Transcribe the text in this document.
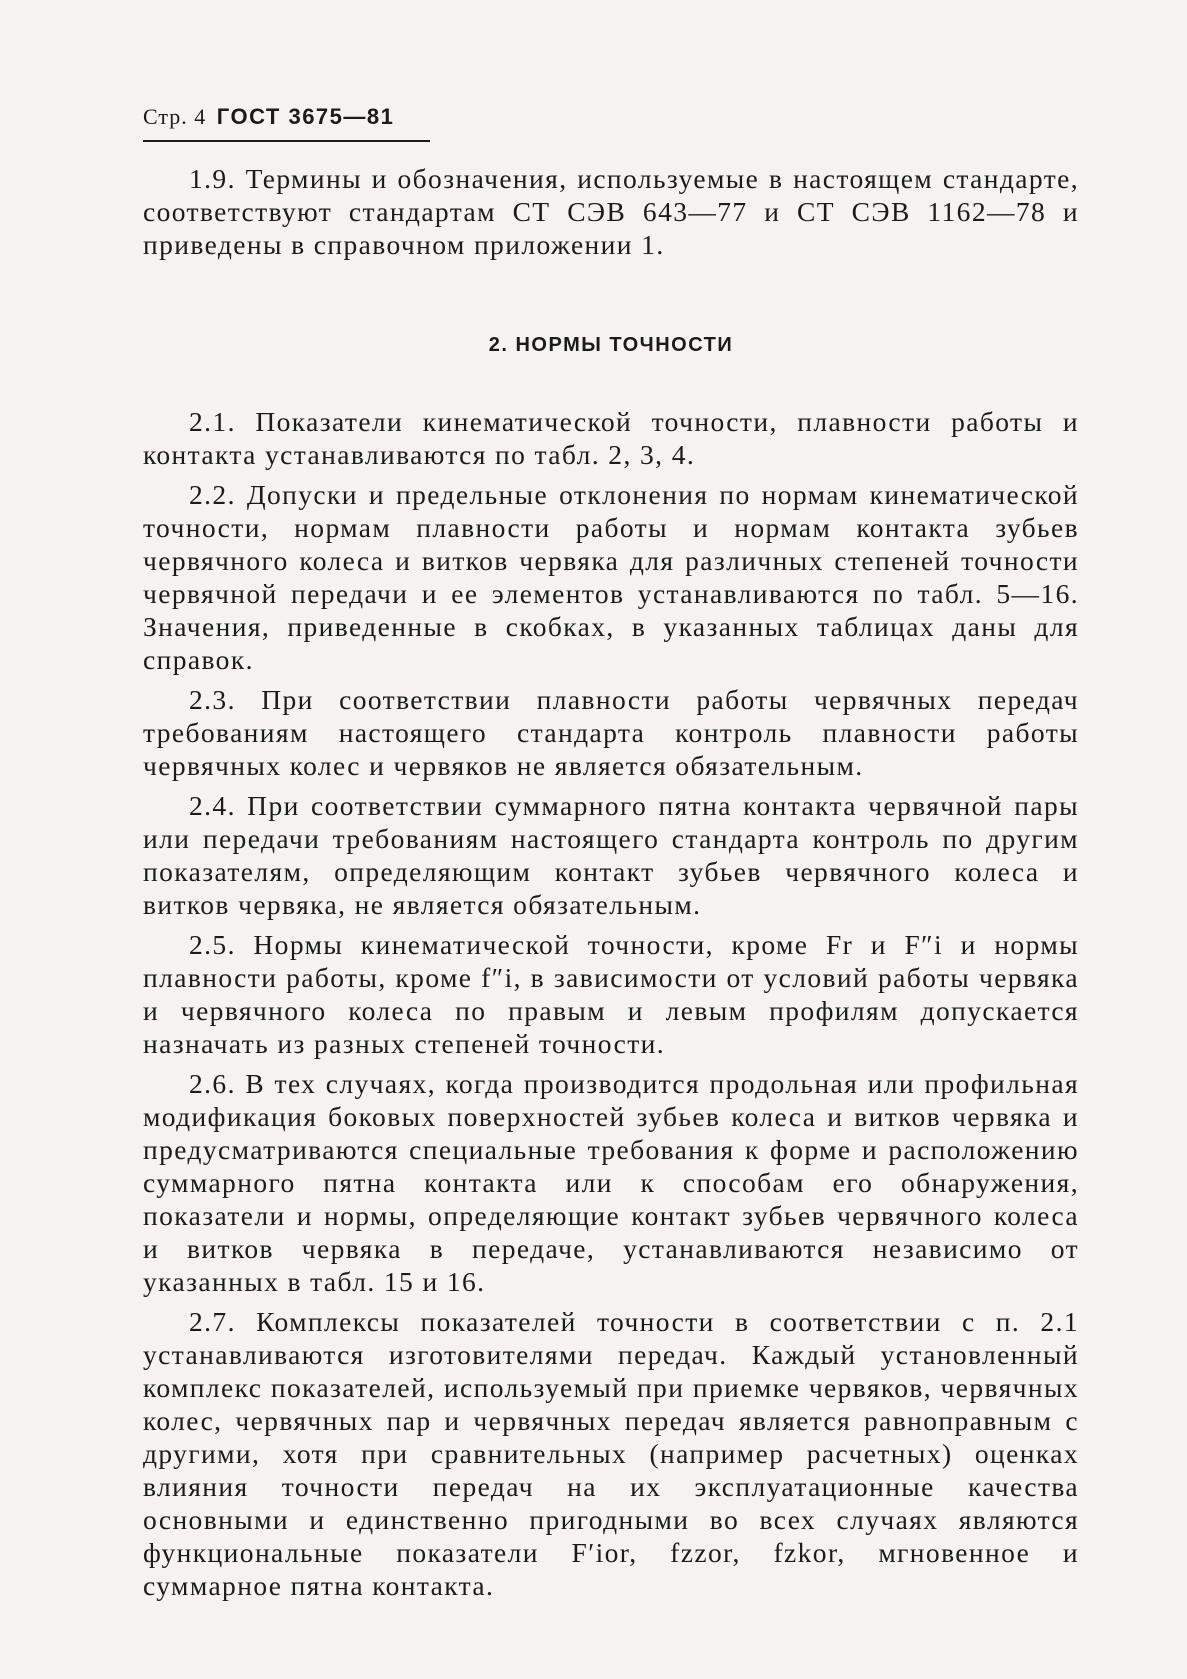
Стр. 4 ГОСТ 3675—81

1.9. Термины и обозначения, используемые в настоящем стандарте, соответствуют стандартам СТ СЭВ 643—77 и СТ СЭВ 1162—78 и приведены в справочном приложении 1.

2. НОРМЫ ТОЧНОСТИ

2.1. Показатели кинематической точности, плавности работы и контакта устанавливаются по табл. 2, 3, 4.

2.2. Допуски и предельные отклонения по нормам кинематической точности, нормам плавности работы и нормам контакта зубьев червячного колеса и витков червяка для различных степеней точности червячной передачи и ее элементов устанавливаются по табл. 5—16. Значения, приведенные в скобках, в указанных таблицах даны для справок.

2.3. При соответствии плавности работы червячных передач требованиям настоящего стандарта контроль плавности работы червячных колес и червяков не является обязательным.

2.4. При соответствии суммарного пятна контакта червячной пары или передачи требованиям настоящего стандарта контроль по другим показателям, определяющим контакт зубьев червячного колеса и витков червяка, не является обязательным.

2.5. Нормы кинематической точности, кроме Fr и F″i и нормы плавности работы, кроме f″i, в зависимости от условий работы червяка и червячного колеса по правым и левым профилям допускается назначать из разных степеней точности.

2.6. В тех случаях, когда производится продольная или профильная модификация боковых поверхностей зубьев колеса и витков червяка и предусматриваются специальные требования к форме и расположению суммарного пятна контакта или к способам его обнаружения, показатели и нормы, определяющие контакт зубьев червячного колеса и витков червяка в передаче, устанавливаются независимо от указанных в табл. 15 и 16.

2.7. Комплексы показателей точности в соответствии с п. 2.1 устанавливаются изготовителями передач. Каждый установленный комплекс показателей, используемый при приемке червяков, червячных колес, червячных пар и червячных передач является равноправным с другими, хотя при сравнительных (например расчетных) оценках влияния точности передач на их эксплуатационные качества основными и единственно пригодными во всех случаях являются функциональные показатели F′ior, fzzor, fzkor, мгновенное и суммарное пятна контакта.
